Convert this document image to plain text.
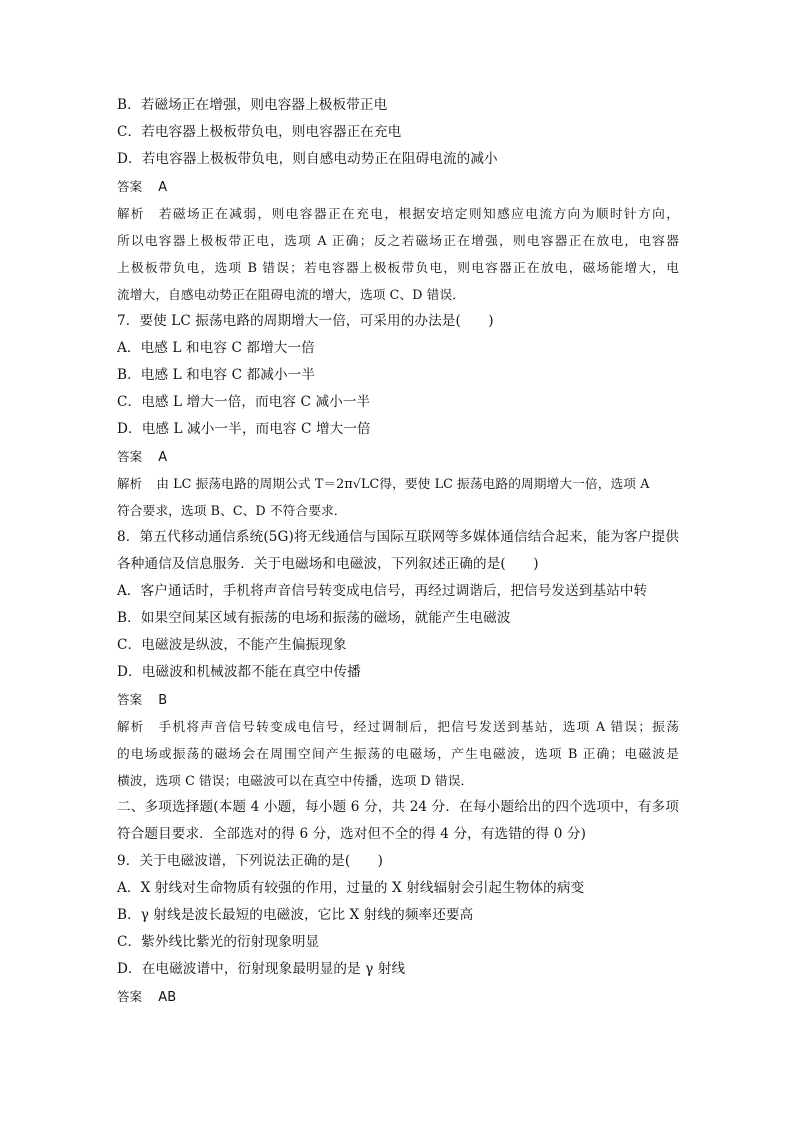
B．若磁场正在增强，则电容器上极板带正电
C．若电容器上极板带负电，则电容器正在充电
D．若电容器上极板带负电，则自感电动势正在阻碍电流的减小
答案 A
解析 若磁场正在减弱，则电容器正在充电，根据安培定则知感应电流方向为顺时针方向，
所以电容器上极板带正电，选项 A 正确；反之若磁场正在增强，则电容器正在放电，电容器
上极板带负电，选项 B 错误；若电容器上极板带负电，则电容器正在放电，磁场能增大，电
流增大，自感电动势正在阻碍电流的增大，选项 C、D 错误．
7．要使 LC 振荡电路的周期增大一倍，可采用的办法是(　　)
A．电感 L 和电容 C 都增大一倍
B．电感 L 和电容 C 都减小一半
C．电感 L 增大一倍，而电容 C 减小一半
D．电感 L 减小一半，而电容 C 增大一倍
答案 A
解析 由 LC 振荡电路的周期公式 T＝2π√LC得，要使 LC 振荡电路的周期增大一倍，选项 A
符合要求，选项 B、C、D 不符合要求．
8．第五代移动通信系统(5G)将无线通信与国际互联网等多媒体通信结合起来，能为客户提供
各种通信及信息服务．关于电磁场和电磁波，下列叙述正确的是(　　)
A．客户通话时，手机将声音信号转变成电信号，再经过调谐后，把信号发送到基站中转
B．如果空间某区域有振荡的电场和振荡的磁场，就能产生电磁波
C．电磁波是纵波，不能产生偏振现象
D．电磁波和机械波都不能在真空中传播
答案 B
解析 手机将声音信号转变成电信号，经过调制后，把信号发送到基站，选项 A 错误；振荡
的电场或振荡的磁场会在周围空间产生振荡的电磁场，产生电磁波，选项 B 正确；电磁波是
横波，选项 C 错误；电磁波可以在真空中传播，选项 D 错误．
二、多项选择题(本题 4 小题，每小题 6 分，共 24 分．在每小题给出的四个选项中，有多项
符合题目要求．全部选对的得 6 分，选对但不全的得 4 分，有选错的得 0 分)
9．关于电磁波谱，下列说法正确的是(　　)
A．X 射线对生命物质有较强的作用，过量的 X 射线辐射会引起生物体的病变
B．γ 射线是波长最短的电磁波，它比 X 射线的频率还要高
C．紫外线比紫光的衍射现象明显
D．在电磁波谱中，衍射现象最明显的是 γ 射线
答案 AB
